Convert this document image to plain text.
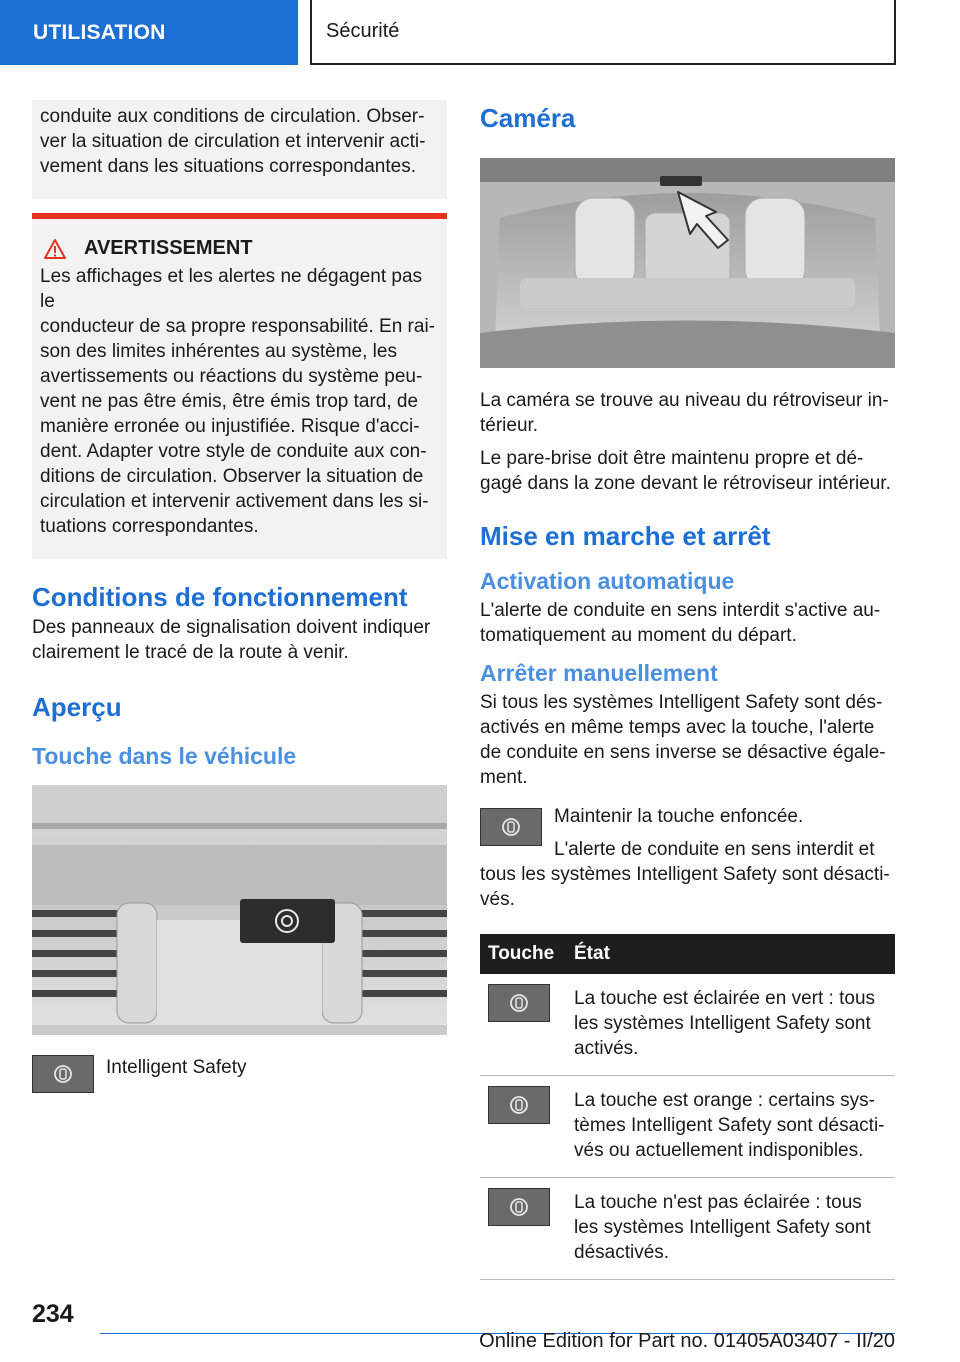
UTILISATION	Sécurité

conduite aux conditions de circulation. Obser-

ver la situation de circulation et intervenir acti-

vement dans les situations correspondantes.

AVERTISSEMENT

Les affichages et les alertes ne dégagent pas le

conducteur de sa propre responsabilité. En rai-

son des limites inhérentes au système, les

avertissements ou réactions du système peu-

vent ne pas être émis, être émis trop tard, de

manière erronée ou injustifiée. Risque d'acci-

dent. Adapter votre style de conduite aux con-

ditions de circulation. Observer la situation de

circulation et intervenir activement dans les si-

tuations correspondantes.

Conditions de fonctionnement

Des panneaux de signalisation doivent indiquer

clairement le tracé de la route à venir.

Aperçu
Touche dans le véhicule
Intelligent Safety
Caméra

La caméra se trouve au niveau du rétroviseur in-

térieur.

Le pare-brise doit être maintenu propre et dé-

gagé dans la zone devant le rétroviseur intérieur.

Mise en marche et arrêt
Activation automatique

L'alerte de conduite en sens interdit s'active au-

tomatiquement au moment du départ.

Arrêter manuellement

Si tous les systèmes Intelligent Safety sont dés-

activés en même temps avec la touche, l'alerte

de conduite en sens inverse se désactive égale-

ment.

Maintenir la touche enfoncée.

L'alerte de conduite en sens interdit et

tous les systèmes Intelligent Safety sont désacti-

vés.

Touche	État

La touche est éclairée en vert : tous
les systèmes Intelligent Safety sont
activés.

La touche est orange : certains sys-
tèmes Intelligent Safety sont désacti-
vés ou actuellement indisponibles.

La touche n'est pas éclairée : tous
les systèmes Intelligent Safety sont
désactivés.
234
Online Edition for Part no. 01405A03407 - II/20
